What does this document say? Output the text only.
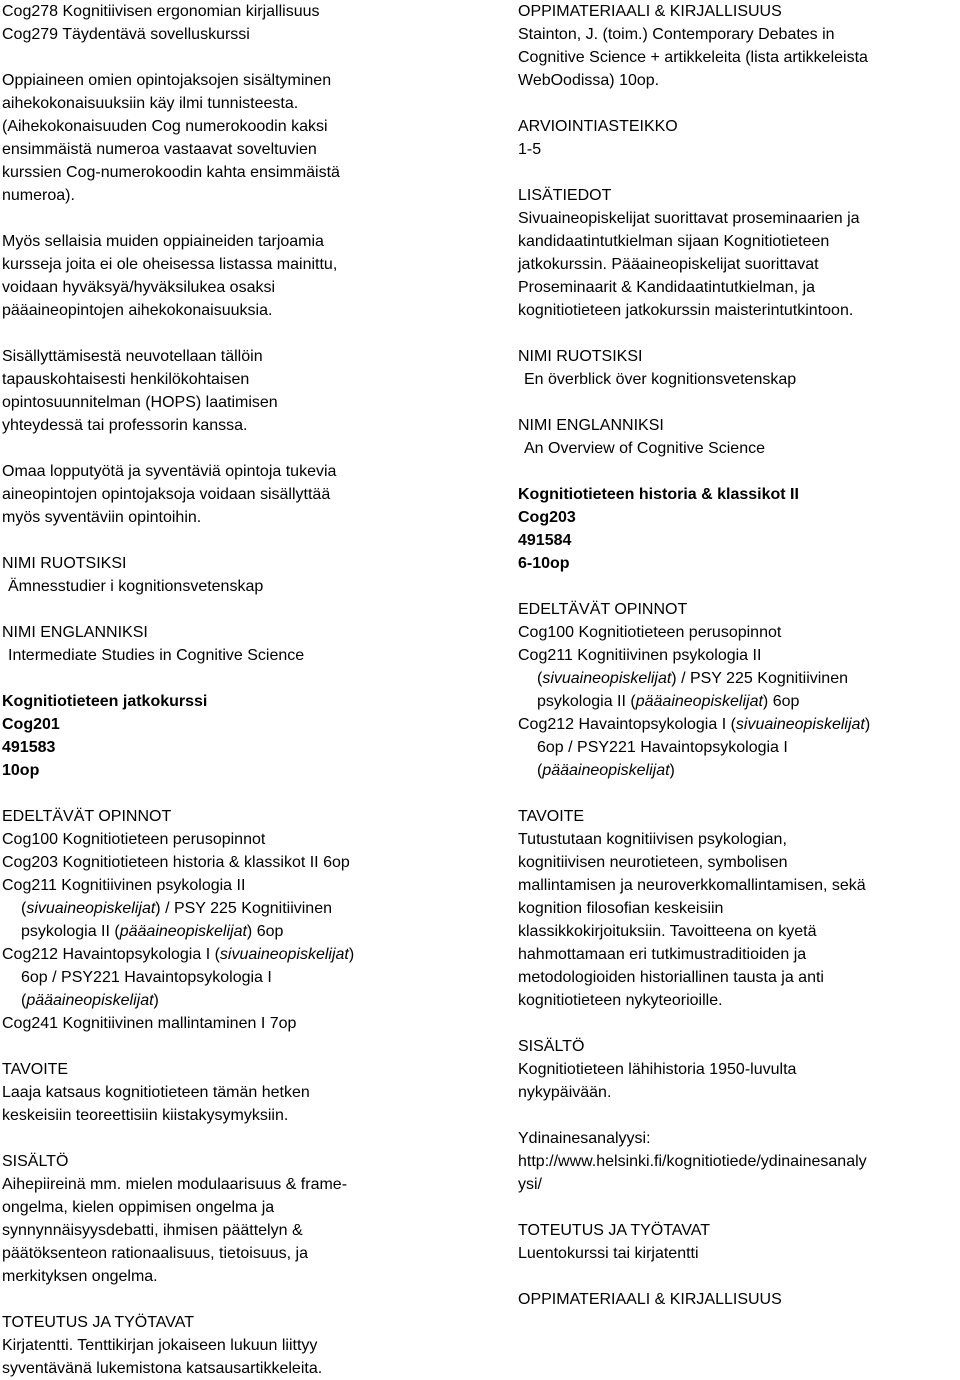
Cog278 Kognitiivisen ergonomian kirjallisuus
Cog279 Täydentävä sovelluskurssi
Oppiaineen omien opintojaksojen sisältyminen
aihekokonaisuuksiin käy ilmi tunnisteesta.
(Aihekokonaisuuden Cog numerokoodin kaksi
ensimmäistä numeroa vastaavat soveltuvien
kurssien Cog-numerokoodin kahta ensimmäistä
numeroa).
Myös sellaisia muiden oppiaineiden tarjoamia
kursseja joita ei ole oheisessa listassa mainittu,
voidaan hyväksyä/hyväksilukea osaksi
pääaineopintojen aihekokonaisuuksia.
Sisällyttämisestä neuvotellaan tällöin
tapauskohtaisesti henkilökohtaisen
opintosuunnitelman (HOPS) laatimisen
yhteydessä tai professorin kanssa.
Omaa lopputyötä ja syventäviä opintoja tukevia
aineopintojen opintojaksoja voidaan sisällyttää
myös syventäviin opintoihin.
NIMI RUOTSIKSI
Ämnesstudier i kognitionsvetenskap
NIMI ENGLANNIKSI
Intermediate Studies in Cognitive Science
Kognitiotieteen jatkokurssi
Cog201
491583
10op
EDELTÄVÄT OPINNOT
Cog100 Kognitiotieteen perusopinnot
Cog203 Kognitiotieteen historia & klassikot II 6op
Cog211 Kognitiivinen psykologia II
(sivuaineopiskelijat) / PSY 225 Kognitiivinen
psykologia II (pääaineopiskelijat) 6op
Cog212 Havaintopsykologia I (sivuaineopiskelijat)
6op / PSY221 Havaintopsykologia I
(pääaineopiskelijat)
Cog241 Kognitiivinen mallintaminen I 7op
TAVOITE
Laaja katsaus kognitiotieteen tämän hetken
keskeisiin teoreettisiin kiistakysymyksiin.
SISÄLTÖ
Aihepiireinä mm. mielen modulaarisuus & frame-
ongelma, kielen oppimisen ongelma ja
synnynnäisyysdebatti, ihmisen päättelyn &
päätöksenteon rationaalisuus, tietoisuus, ja
merkityksen ongelma.
TOTEUTUS JA TYÖTAVAT
Kirjatentti. Tenttikirjan jokaiseen lukuun liittyy
syventävänä lukemistona katsausartikkeleita.
OPPIMATERIAALI & KIRJALLISUUS
Stainton, J. (toim.) Contemporary Debates in
Cognitive Science + artikkeleita (lista artikkeleista
WebOodissa) 10op.
ARVIOINTIASTEIKKO
1-5
LISÄTIEDOT
Sivuaineopiskelijat suorittavat proseminaarien ja
kandidaatintutkielman sijaan Kognitiotieteen
jatkokurssin. Pääaineopiskelijat suorittavat
Proseminaarit & Kandidaatintutkielman, ja
kognitiotieteen jatkokurssin maisterintutkintoon.
NIMI RUOTSIKSI
En överblick över kognitionsvetenskap
NIMI ENGLANNIKSI
An Overview of Cognitive Science
Kognitiotieteen historia & klassikot II
Cog203
491584
6-10op
EDELTÄVÄT OPINNOT
Cog100 Kognitiotieteen perusopinnot
Cog211 Kognitiivinen psykologia II
(sivuaineopiskelijat) / PSY 225 Kognitiivinen
psykologia II (pääaineopiskelijat) 6op
Cog212 Havaintopsykologia I (sivuaineopiskelijat)
6op / PSY221 Havaintopsykologia I
(pääaineopiskelijat)
TAVOITE
Tutustutaan kognitiivisen psykologian,
kognitiivisen neurotieteen, symbolisen
mallintamisen ja neuroverkkomallintamisen, sekä
kognition filosofian keskeisiin
klassikkokirjoituksiin. Tavoitteena on kyetä
hahmottamaan eri tutkimustraditioiden ja
metodologioiden historiallinen tausta ja anti
kognitiotieteen nykyteorioille.
SISÄLTÖ
Kognitiotieteen lähihistoria 1950-luvulta
nykypäivään.
Ydinainesanalyysi:
http://www.helsinki.fi/kognitiotiede/ydinainesanaly
ysi/
TOTEUTUS JA TYÖTAVAT
Luentokurssi tai kirjatentti
OPPIMATERIAALI & KIRJALLISUUS
